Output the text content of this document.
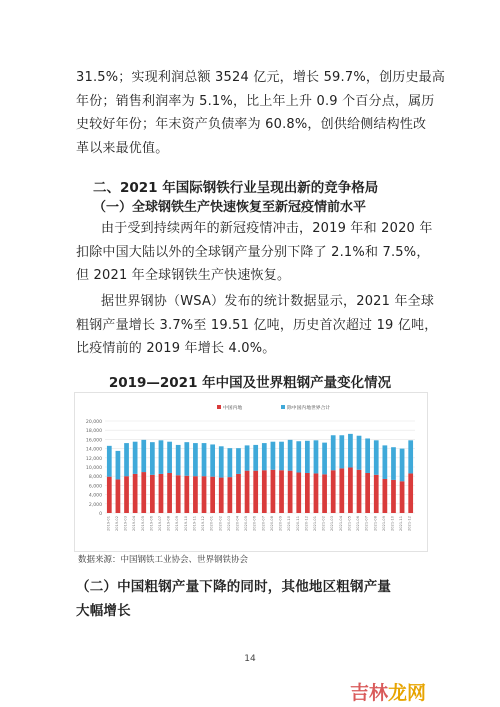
31.5%；实现利润总额 3524 亿元，增长 59.7%，创历史最高
年份；销售利润率为 5.1%，比上年上升 0.9 个百分点，属历
史较好年份；年末资产负债率为 60.8%，创供给侧结构性改
革以来最优值。
二、2021 年国际钢铁行业呈现出新的竞争格局
（一）全球钢铁生产快速恢复至新冠疫情前水平
由于受到持续两年的新冠疫情冲击，2019 年和 2020 年
扣除中国大陆以外的全球钢产量分别下降了 2.1%和 7.5%，
但 2021 年全球钢铁生产快速恢复。
据世界钢协（WSA）发布的统计数据显示，2021 年全球
粗钢产量增长 3.7%至 19.51 亿吨，历史首次超过 19 亿吨，
比疫情前的 2019 年增长 4.0%。
2019—2021 年中国及世界粗钢产量变化情况
20,000
18,000
16,000
14,000
12,000
10,000
8,000
6,000
4,000
2,000
0
中国内地	除中国内地世界合计
2019-01 2019-02 2019-03 2019-04 2019-05 2019-06 2019-07 2019-08 2019-09 2019-10 2019-11 2019-12 2020-01 2020-02 2020-03 2020-04 2020-05 2020-06 2020-07 2020-08 2020-09 2020-10 2020-11 2020-12 2021-01 2021-02 2021-03 2021-04 2021-05 2021-06 2021-07 2021-08 2021-09 2021-10 2021-11 2021-12
数据来源：中国钢铁工业协会、世界钢铁协会
（二）中国粗钢产量下降的同时，其他地区粗钢产量
大幅增长
14
吉林龙网
